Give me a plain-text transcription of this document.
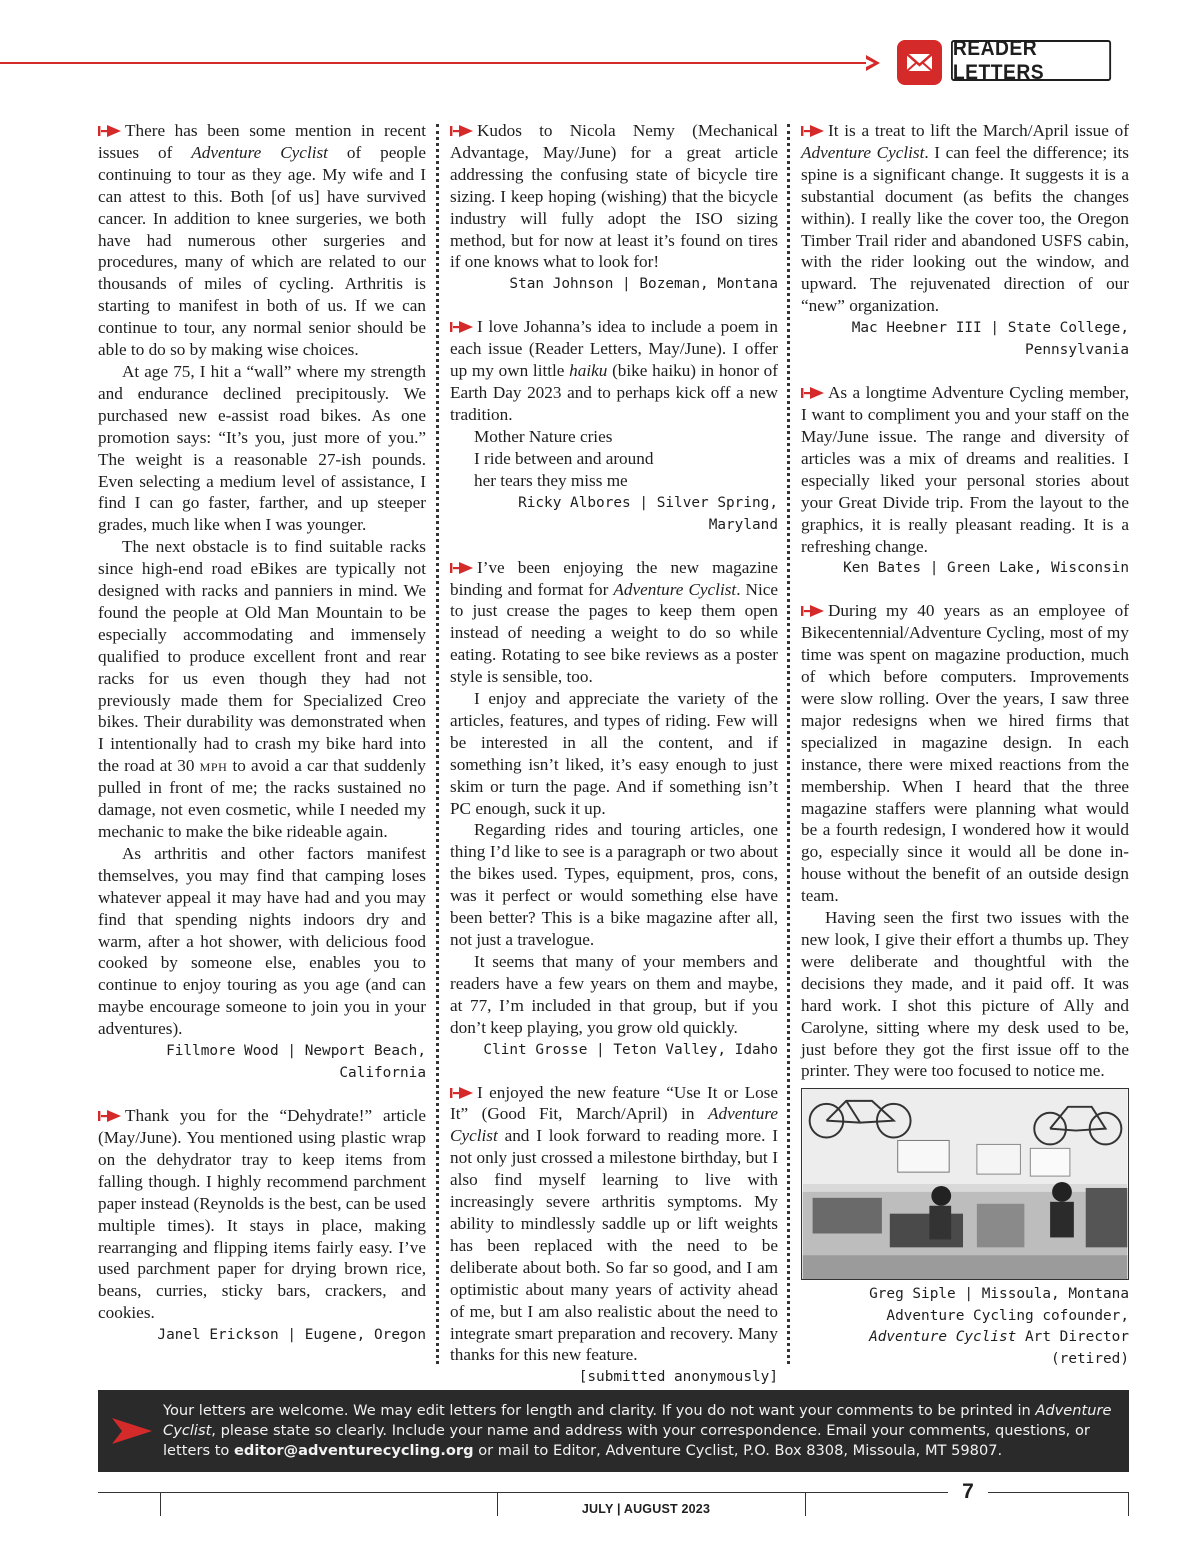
READER LETTERS

There has been some mention in recent issues of Adventure Cyclist of people continuing to tour as they age. My wife and I can attest to this. Both [of us] have survived cancer. In addition to knee surgeries, we both have had numerous other surgeries and procedures, many of which are related to our thousands of miles of cycling. Arthritis is starting to manifest in both of us. If we can continue to tour, any normal senior should be able to do so by making wise choices.

At age 75, I hit a “wall” where my strength and endurance declined precipitously. We purchased new e-assist road bikes. As one promotion says: “It’s you, just more of you.” The weight is a reasonable 27-ish pounds. Even selecting a medium level of assistance, I find I can go faster, farther, and up steeper grades, much like when I was younger.

The next obstacle is to find suitable racks since high-end road eBikes are typically not designed with racks and panniers in mind. We found the people at Old Man Mountain to be especially accommodating and immensely qualified to produce excellent front and rear racks for us even though they had not previously made them for Specialized Creo bikes. Their durability was demonstrated when I intentionally had to crash my bike hard into the road at 30 mph to avoid a car that suddenly pulled in front of me; the racks sustained no damage, not even cosmetic, while I needed my mechanic to make the bike rideable again.

As arthritis and other factors manifest themselves, you may find that camping loses whatever appeal it may have had and you may find that spending nights indoors dry and warm, after a hot shower, with delicious food cooked by someone else, enables you to continue to enjoy touring as you age (and can maybe encourage someone to join you in your adventures).

Fillmore Wood | Newport Beach, California

Thank you for the “Dehydrate!” article (May/June). You mentioned using plastic wrap on the dehydrator tray to keep items from falling though. I highly recommend parchment paper instead (Reynolds is the best, can be used multiple times). It stays in place, making rearranging and flipping items fairly easy. I’ve used parchment paper for drying brown rice, beans, curries, sticky bars, crackers, and cookies.

Janel Erickson | Eugene, Oregon

Kudos to Nicola Nemy (Mechanical Advantage, May/June) for a great article addressing the confusing state of bicycle tire sizing. I keep hoping (wishing) that the bicycle industry will fully adopt the ISO sizing method, but for now at least it’s found on tires if one knows what to look for!

Stan Johnson | Bozeman, Montana

I love Johanna’s idea to include a poem in each issue (Reader Letters, May/June). I offer up my own little haiku (bike haiku) in honor of Earth Day 2023 and to perhaps kick off a new tradition.

Mother Nature cries
I ride between and around
her tears they miss me
Ricky Albores | Silver Spring, Maryland

I’ve been enjoying the new magazine binding and format for Adventure Cyclist. Nice to just crease the pages to keep them open instead of needing a weight to do so while eating. Rotating to see bike reviews as a poster style is sensible, too.

I enjoy and appreciate the variety of the articles, features, and types of riding. Few will be interested in all the content, and if something isn’t liked, it’s easy enough to just skim or turn the page. And if something isn’t PC enough, suck it up.

Regarding rides and touring articles, one thing I’d like to see is a paragraph or two about the bikes used. Types, equipment, pros, cons, was it perfect or would something else have been better? This is a bike magazine after all, not just a travelogue.

It seems that many of your members and readers have a few years on them and maybe, at 77, I’m included in that group, but if you don’t keep playing, you grow old quickly.

Clint Grosse | Teton Valley, Idaho

I enjoyed the new feature “Use It or Lose It” (Good Fit, March/April) in Adventure Cyclist and I look forward to reading more. I not only just crossed a milestone birthday, but I also find myself learning to live with increasingly severe arthritis symptoms. My ability to mindlessly saddle up or lift weights has been replaced with the need to be deliberate about both. So far so good, and I am optimistic about many years of activity ahead of me, but I am also realistic about the need to integrate smart preparation and recovery. Many thanks for this new feature.

[submitted anonymously]

It is a treat to lift the March/April issue of Adventure Cyclist. I can feel the difference; its spine is a significant change. It suggests it is a substantial document (as befits the changes within). I really like the cover too, the Oregon Timber Trail rider and abandoned USFS cabin, with the rider looking out the window, and upward. The rejuvenated direction of our “new” organization.

Mac Heebner III | State College, Pennsylvania

As a longtime Adventure Cycling member, I want to compliment you and your staff on the May/June issue. The range and diversity of articles was a mix of dreams and realities. I especially liked your personal stories about your Great Divide trip. From the layout to the graphics, it is really pleasant reading. It is a refreshing change.

Ken Bates | Green Lake, Wisconsin

During my 40 years as an employee of Bikecentennial/Adventure Cycling, most of my time was spent on magazine production, much of which before computers. Improvements were slow rolling. Over the years, I saw three major redesigns when we hired firms that specialized in magazine design. In each instance, there were mixed reactions from the membership. When I heard that the three magazine staffers were planning what would be a fourth redesign, I wondered how it would go, especially since it would all be done in-house without the benefit of an outside design team.

Having seen the first two issues with the new look, I give their effort a thumbs up. They were deliberate and thoughtful with the decisions they made, and it paid off. It was hard work. I shot this picture of Ally and Carolyne, sitting where my desk used to be, just before they got the first issue off to the printer. They were too focused to notice me.

Greg Siple | Missoula, Montana
Adventure Cycling cofounder,
Adventure Cyclist Art Director (retired)
Your letters are welcome. We may edit letters for length and clarity. If you do not want your comments to be printed in Adventure Cyclist, please state so clearly. Include your name and address with your correspondence. Email your comments, questions, or letters to editor@adventurecycling.org or mail to Editor, Adventure Cyclist, P.O. Box 8308, Missoula, MT 59807.
7
JULY | AUGUST 2023
